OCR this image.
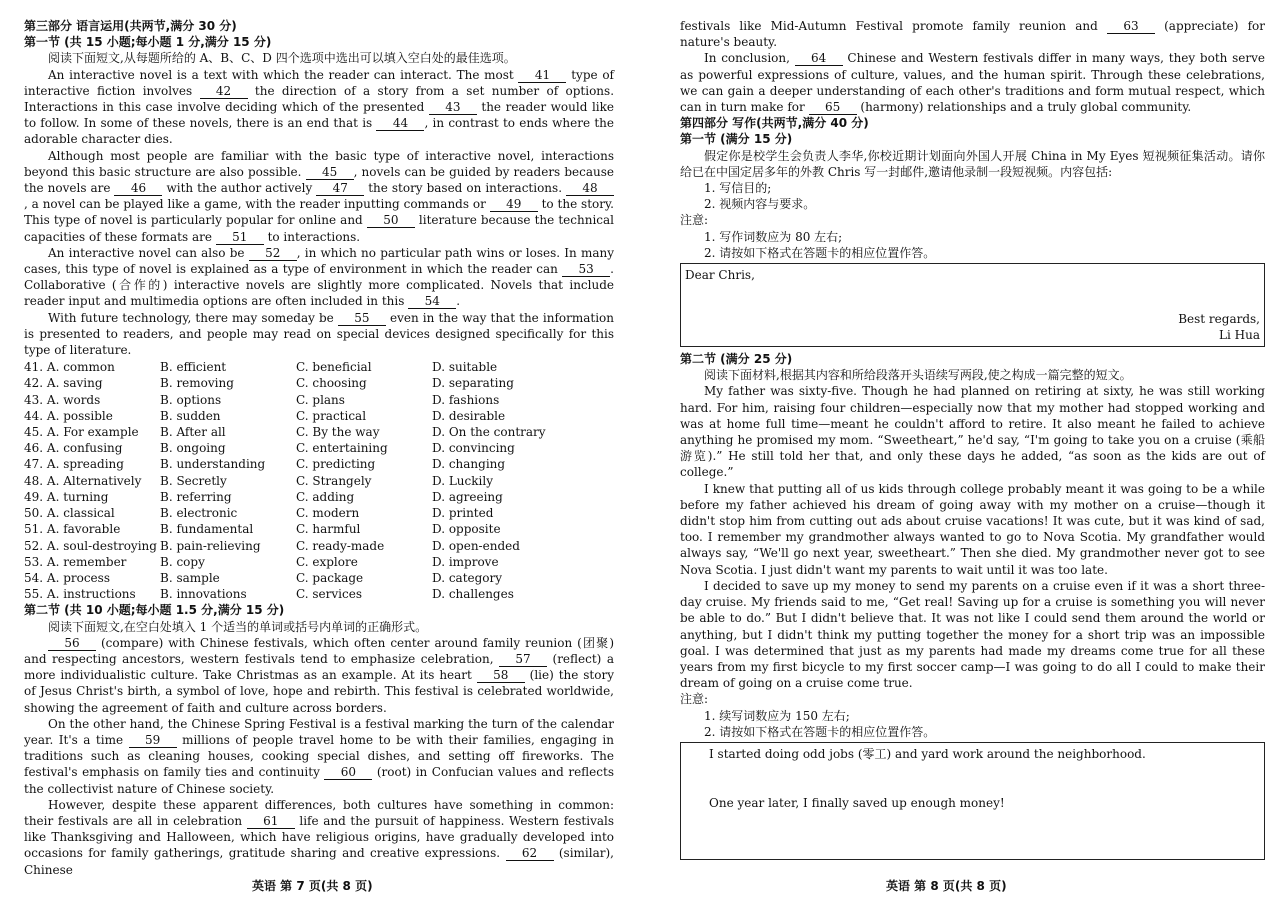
第三部分 语言运用(共两节,满分 30 分)
第一节 (共 15 小题;每小题 1 分,满分 15 分)
阅读下面短文,从每题所给的 A、B、C、D 四个选项中选出可以填入空白处的最佳选项。
An interactive novel is a text with which the reader can interact. The most 41 type of interactive fiction involves 42 the direction of a story from a set number of options. Interactions in this case involve deciding which of the presented 43 the reader would like to follow. In some of these novels, there is an end that is 44 , in contrast to ends where the adorable character dies.
Although most people are familiar with the basic type of interactive novel, interactions beyond this basic structure are also possible. 45 , novels can be guided by readers because the novels are 46 with the author actively 47 the story based on interactions. 48, a novel can be played like a game, with the reader inputting commands or 49 to the story. This type of novel is particularly popular for online and 50 literature because the technical capacities of these formats are 51 to interactions.
An interactive novel can also be 52 , in which no particular path wins or loses. In many cases, this type of novel is explained as a type of environment in which the reader can 53 . Collaborative (合作的) interactive novels are slightly more complicated. Novels that include reader input and multimedia options are often included in this 54 .
With future technology, there may someday be 55 even in the way that the information is presented to readers, and people may read on special devices designed specifically for this type of literature.
41. A. common	B. efficient	C. beneficial	D. suitable
42. A. saving	B. removing	C. choosing	D. separating
43. A. words	B. options	C. plans	D. fashions
44. A. possible	B. sudden	C. practical	D. desirable
45. A. For example	B. After all	C. By the way	D. On the contrary
46. A. confusing	B. ongoing	C. entertaining	D. convincing
47. A. spreading	B. understanding	C. predicting	D. changing
48. A. Alternatively	B. Secretly	C. Strangely	D. Luckily
49. A. turning	B. referring	C. adding	D. agreeing
50. A. classical	B. electronic	C. modern	D. printed
51. A. favorable	B. fundamental	C. harmful	D. opposite
52. A. soul-destroying B. pain-relieving	C. ready-made	D. open-ended
53. A. remember	B. copy	C. explore	D. improve
54. A. process	B. sample	C. package	D. category
55. A. instructions	B. innovations	C. services	D. challenges
第二节 (共 10 小题;每小题 1.5 分,满分 15 分)
阅读下面短文,在空白处填入 1 个适当的单词或括号内单词的正确形式。
56 (compare) with Chinese festivals, which often center around family reunion (团聚) and respecting ancestors, western festivals tend to emphasize celebration, 57 (reflect) a more individualistic culture. Take Christmas as an example. At its heart 58 (lie) the story of Jesus Christ's birth, a symbol of love, hope and rebirth. This festival is celebrated worldwide, showing the agreement of faith and culture across borders.
On the other hand, the Chinese Spring Festival is a festival marking the turn of the calendar year. It's a time 59 millions of people travel home to be with their families, engaging in traditions such as cleaning houses, cooking special dishes, and setting off fireworks. The festival's emphasis on family ties and continuity 60 (root) in Confucian values and reflects the collectivist nature of Chinese society.
However, despite these apparent differences, both cultures have something in common: their festivals are all in celebration 61 life and the pursuit of happiness. Western festivals like Thanksgiving and Halloween, which have religious origins, have gradually developed into occasions for family gatherings, gratitude sharing and creative expressions. 62 (similar), Chinese
英语 第 7 页(共 8 页)
festivals like Mid-Autumn Festival promote family reunion and 63 (appreciate) for nature's beauty.
In conclusion, 64 Chinese and Western festivals differ in many ways, they both serve as powerful expressions of culture, values, and the human spirit. Through these celebrations, we can gain a deeper understanding of each other's traditions and form mutual respect, which can in turn make for 65 (harmony) relationships and a truly global community.
第四部分 写作(共两节,满分 40 分)
第一节 (满分 15 分)
假定你是校学生会负责人李华,你校近期计划面向外国人开展 China in My Eyes 短视频征集活动。请你给已在中国定居多年的外教 Chris 写一封邮件,邀请他录制一段短视频。内容包括:
1. 写信目的;
2. 视频内容与要求。
注意:
1. 写作词数应为 80 左右;
2. 请按如下格式在答题卡的相应位置作答。
Dear Chris,
Best regards,
Li Hua
第二节 (满分 25 分)
阅读下面材料,根据其内容和所给段落开头语续写两段,使之构成一篇完整的短文。
My father was sixty-five. Though he had planned on retiring at sixty, he was still working hard. For him, raising four children—especially now that my mother had stopped working and was at home full time—meant he couldn't afford to retire. It also meant he failed to achieve anything he promised my mom. “Sweetheart,” he'd say, “I'm going to take you on a cruise (乘船游览).” He still told her that, and only these days he added, “as soon as the kids are out of college.”
I knew that putting all of us kids through college probably meant it was going to be a while before my father achieved his dream of going away with my mother on a cruise—though it didn't stop him from cutting out ads about cruise vacations! It was cute, but it was kind of sad, too. I remember my grandmother always wanted to go to Nova Scotia. My grandfather would always say, “We'll go next year, sweetheart.” Then she died. My grandmother never got to see Nova Scotia. I just didn't want my parents to wait until it was too late.
I decided to save up my money to send my parents on a cruise even if it was a short three-day cruise. My friends said to me, “Get real! Saving up for a cruise is something you will never be able to do.” But I didn't believe that. It was not like I could send them around the world or anything, but I didn't think my putting together the money for a short trip was an impossible goal. I was determined that just as my parents had made my dreams come true for all these years from my first bicycle to my first soccer camp—I was going to do all I could to make their dream of going on a cruise come true.
注意:
1. 续写词数应为 150 左右;
2. 请按如下格式在答题卡的相应位置作答。
I started doing odd jobs (零工) and yard work around the neighborhood.
One year later, I finally saved up enough money!
英语 第 8 页(共 8 页)
